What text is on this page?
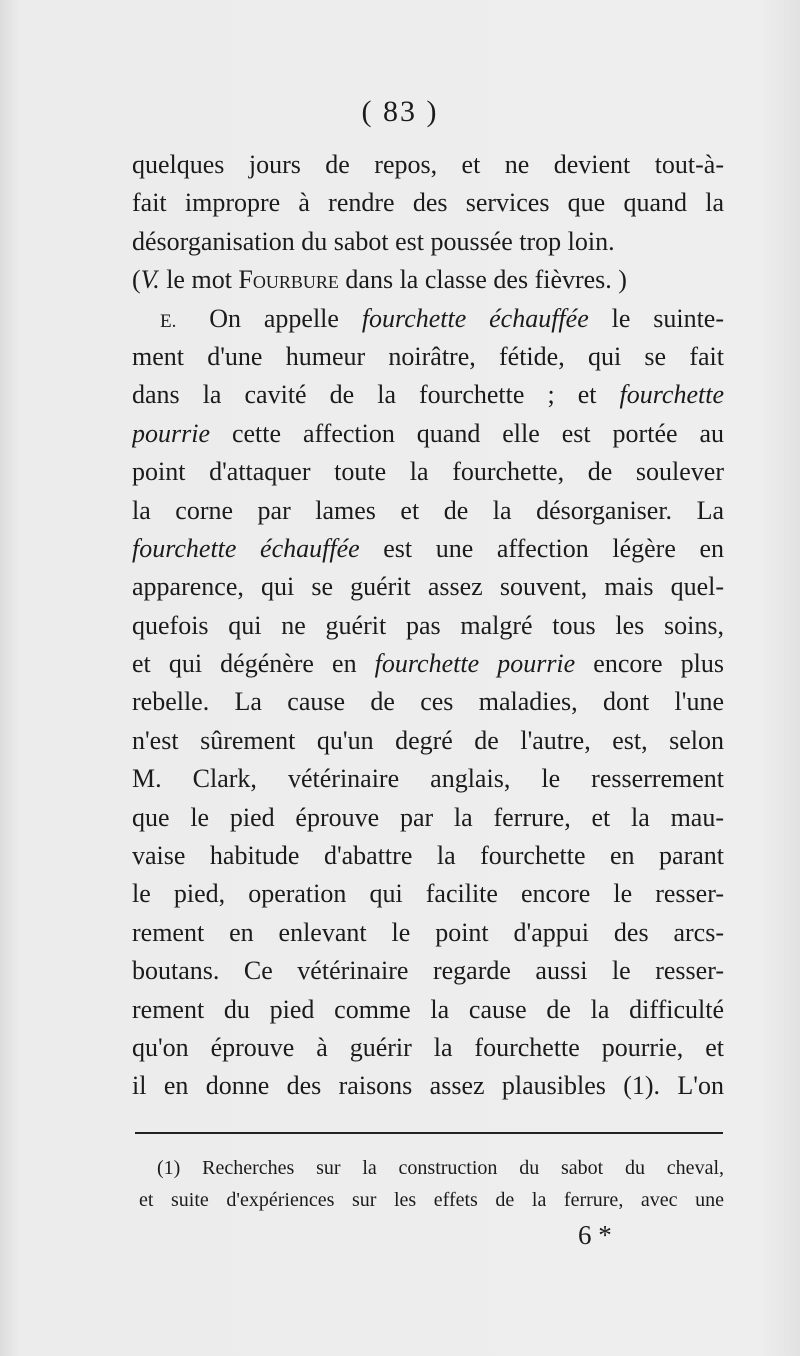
( 83 )
quelques jours de repos, et ne devient tout-à-
fait impropre à rendre des services que quand la
désorganisation du sabot est poussée trop loin.
(V. le mot Fourbure dans la classe des fièvres. )
E. On appelle fourchette échauffée le suinte-
ment d'une humeur noirâtre, fétide, qui se fait
dans la cavité de la fourchette ; et fourchette
pourrie cette affection quand elle est portée au
point d'attaquer toute la fourchette, de soulever
la corne par lames et de la désorganiser. La
fourchette échauffée est une affection légère en
apparence, qui se guérit assez souvent, mais quel-
quefois qui ne guérit pas malgré tous les soins,
et qui dégénère en fourchette pourrie encore plus
rebelle. La cause de ces maladies, dont l'une
n'est sûrement qu'un degré de l'autre, est, selon
M. Clark, vétérinaire anglais, le resserrement
que le pied éprouve par la ferrure, et la mau-
vaise habitude d'abattre la fourchette en parant
le pied, operation qui facilite encore le resser-
rement en enlevant le point d'appui des arcs-
boutans. Ce vétérinaire regarde aussi le resser-
rement du pied comme la cause de la difficulté
qu'on éprouve à guérir la fourchette pourrie, et
il en donne des raisons assez plausibles (1). L'on
(1) Recherches sur la construction du sabot du cheval,
et suite d'expériences sur les effets de la ferrure, avec une
6 *
